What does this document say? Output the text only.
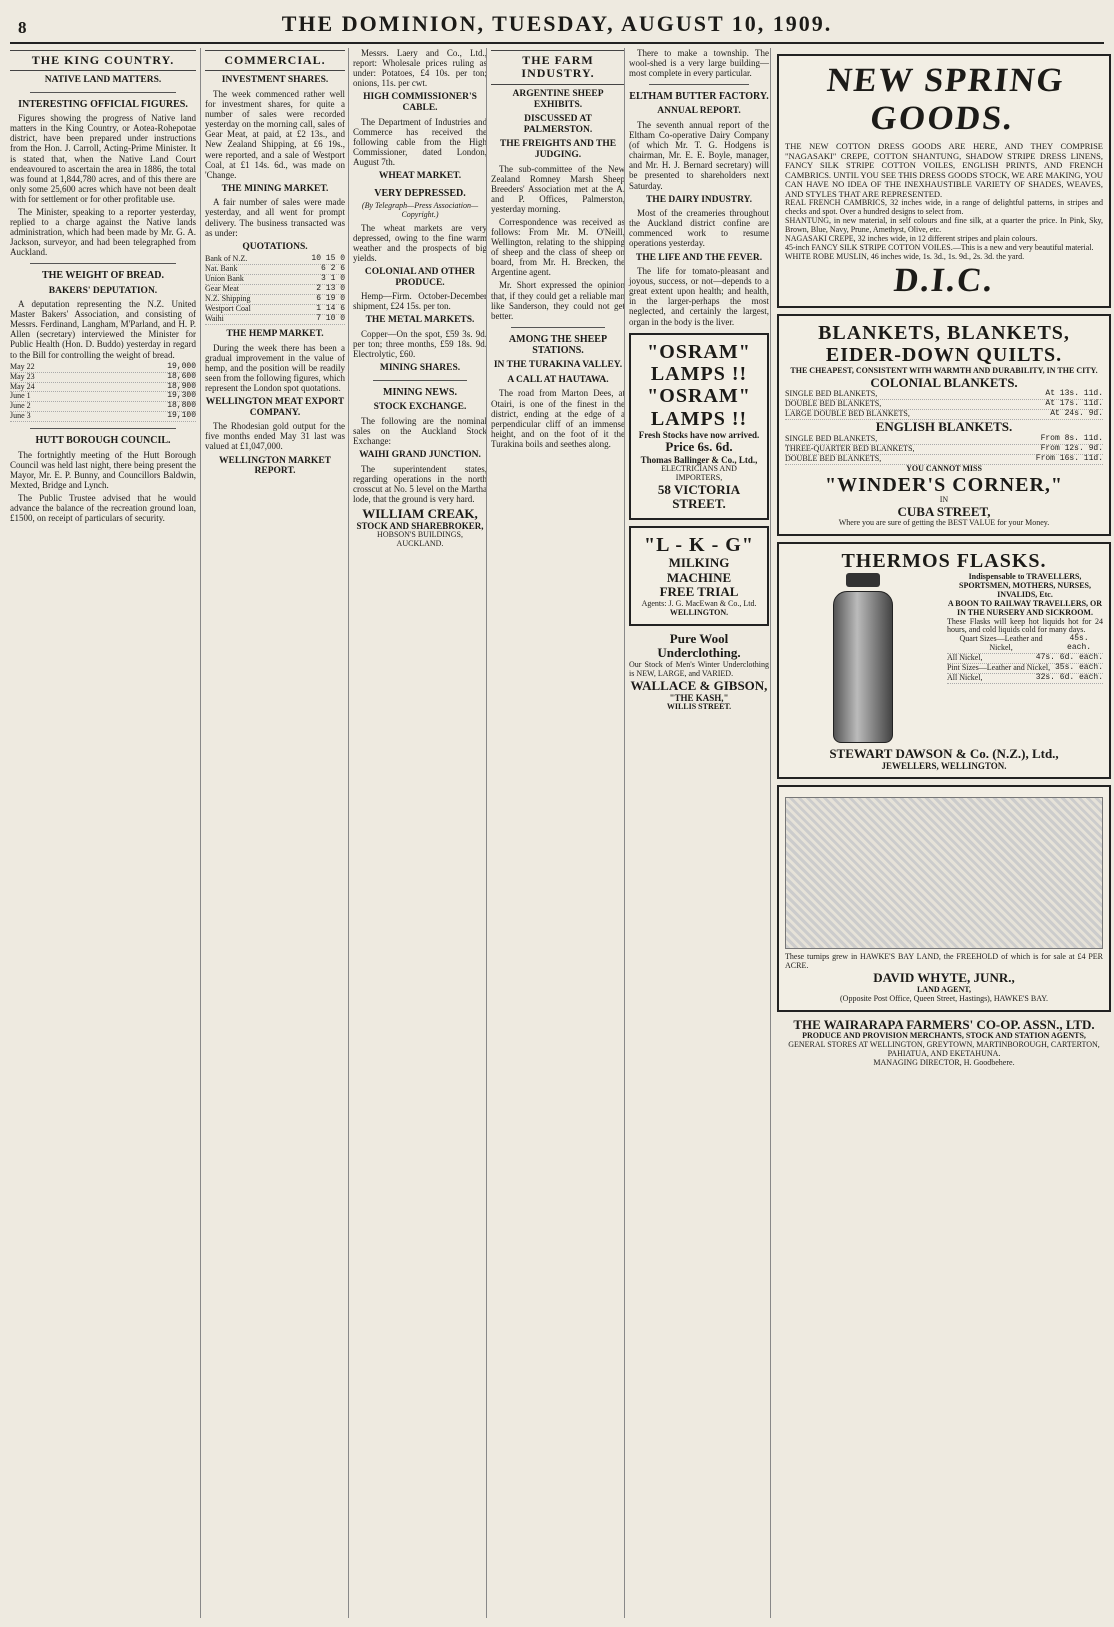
8	THE DOMINION, TUESDAY, AUGUST 10, 1909.
THE KING COUNTRY.
NATIVE LAND MATTERS.
INTERESTING OFFICIAL FIGURES.

Figures showing the progress of Native land matters in the King Country, or Aotea-Rohepotae district, have been prepared under instructions from the Hon. J. Carroll, Acting-Prime Minister. It is stated that, when the Native Land Court endeavoured to ascertain the area in 1886, the total was found at 1,844,780 acres, and of this there are only some 25,600 acres which have not been dealt with for settlement or for other profitable use.

The Minister, speaking to a reporter yesterday, replied to a charge against the Native lands administration, which had been made by Mr. G. A. Jackson, surveyor, and had been telegraphed from Auckland.

THE WEIGHT OF BREAD.
BAKERS' DEPUTATION.

A deputation representing the N.Z. United Master Bakers' Association, and consisting of Messrs. Ferdinand, Langham, M'Parland, and H. P. Allen (secretary) interviewed the Minister for Public Health (Hon. D. Buddo) yesterday in regard to the Bill for controlling the weight of bread.

May 22	19,000
May 23	18,600
May 24	18,900
June 1	19,300
June 2	18,800
June 3	19,100
HUTT BOROUGH COUNCIL.

The fortnightly meeting of the Hutt Borough Council was held last night, there being present the Mayor, Mr. E. P. Bunny, and Councillors Baldwin, Mexted, Bridge and Lynch.

The Public Trustee advised that he would advance the balance of the recreation ground loan, £1500, on receipt of particulars of security.

COMMERCIAL.
INVESTMENT SHARES.

The week commenced rather well for investment shares, for quite a number of sales were recorded yesterday on the morning call, sales of Gear Meat, at paid, at £2 13s., and New Zealand Shipping, at £6 19s., were reported, and a sale of Westport Coal, at £1 14s. 6d., was made on 'Change.

THE MINING MARKET.

A fair number of sales were made yesterday, and all went for prompt delivery. The business transacted was as under:

QUOTATIONS.
Bank of N.Z.	10 15 0
Nat. Bank	6 2 6
Union Bank	3 1 0
Gear Meat	2 13 0
N.Z. Shipping	6 19 0
Westport Coal	1 14 6
Waihi	7 10 0
THE HEMP MARKET.

During the week there has been a gradual improvement in the value of hemp, and the position will be readily seen from the following figures, which represent the London spot quotations.

WELLINGTON MEAT EXPORT COMPANY.

The Rhodesian gold output for the five months ended May 31 last was valued at £1,047,000.

WELLINGTON MARKET REPORT.

Messrs. Laery and Co., Ltd., report: Wholesale prices ruling as under: Potatoes, £4 10s. per ton; onions, 11s. per cwt.

HIGH COMMISSIONER'S CABLE.

The Department of Industries and Commerce has received the following cable from the High Commissioner, dated London, August 7th.

WHEAT MARKET.
VERY DEPRESSED.
(By Telegraph—Press Association—Copyright.)

The wheat markets are very depressed, owing to the fine warm weather and the prospects of big yields.

COLONIAL AND OTHER PRODUCE.

Hemp—Firm. October-December shipment, £24 15s. per ton.

THE METAL MARKETS.

Copper—On the spot, £59 3s. 9d. per ton; three months, £59 18s. 9d. Electrolytic, £60.

MINING SHARES.
MINING NEWS.
STOCK EXCHANGE.

The following are the nominal sales on the Auckland Stock Exchange:

WAIHI GRAND JUNCTION.

The superintendent states, regarding operations in the north crosscut at No. 5 level on the Martha lode, that the ground is very hard.

WILLIAM CREAK,
STOCK AND SHAREBROKER,
HOBSON'S BUILDINGS, AUCKLAND.
THE FARM INDUSTRY.
ARGENTINE SHEEP EXHIBITS.
DISCUSSED AT PALMERSTON.
THE FREIGHTS AND THE JUDGING.

The sub-committee of the New Zealand Romney Marsh Sheep Breeders' Association met at the A. and P. Offices, Palmerston, yesterday morning.

Correspondence was received as follows: From Mr. M. O'Neill, Wellington, relating to the shipping of sheep and the class of sheep on board, from Mr. H. Brecken, the Argentine agent.

Mr. Short expressed the opinion that, if they could get a reliable man like Sanderson, they could not get better.

AMONG THE SHEEP STATIONS.
IN THE TURAKINA VALLEY.
A CALL AT HAUTAWA.

The road from Marton Dees, at Otairi, is one of the finest in the district, ending at the edge of a perpendicular cliff of an immense height, and on the foot of it the Turakina boils and seethes along.

There to make a township. The wool-shed is a very large building—most complete in every particular.

ELTHAM BUTTER FACTORY.
ANNUAL REPORT.

The seventh annual report of the Eltham Co-operative Dairy Company (of which Mr. T. G. Hodgens is chairman, Mr. E. E. Boyle, manager, and Mr. H. J. Bernard secretary) will be presented to shareholders next Saturday.

THE DAIRY INDUSTRY.

Most of the creameries throughout the Auckland district confine are commenced work to resume operations yesterday.

THE LIFE AND THE FEVER.

The life for tomato-pleasant and joyous, success, or not—depends to a great extent upon health; and health, in the larger-perhaps the most neglected, and certainly the largest, organ in the body is the liver.

"OSRAM" LAMPS !!
"OSRAM" LAMPS !!
Fresh Stocks have now arrived.
Price 6s. 6d.
Thomas Ballinger & Co., Ltd.,
ELECTRICIANS AND IMPORTERS,
58 VICTORIA STREET.
"L - K - G"
MILKING MACHINE
FREE TRIAL
Agents: J. G. MacEwan & Co., Ltd.
WELLINGTON.
Pure Wool Underclothing.
Our Stock of Men's Winter Underclothing is NEW, LARGE, and VARIED.
WALLACE & GIBSON,
"THE KASH,"
WILLIS STREET.
NEW SPRING GOODS.
THE NEW COTTON DRESS GOODS ARE HERE, AND THEY COMPRISE "NAGASAKI" CREPE, COTTON SHANTUNG, SHADOW STRIPE DRESS LINENS, FANCY SILK STRIPE COTTON VOILES, ENGLISH PRINTS, AND FRENCH CAMBRICS. UNTIL YOU SEE THIS DRESS GOODS STOCK, WE ARE MAKING, YOU CAN HAVE NO IDEA OF THE INEXHAUSTIBLE VARIETY OF SHADES, WEAVES, AND STYLES THAT ARE REPRESENTED.
REAL FRENCH CAMBRICS, 32 inches wide, in a range of delightful patterns, in stripes and checks and spot. Over a hundred designs to select from.
SHANTUNG, in new material, in self colours and fine silk, at a quarter the price. In Pink, Sky, Brown, Blue, Navy, Prune, Amethyst, Olive, etc.
NAGASAKI CREPE, 32 inches wide, in 12 different stripes and plain colours.
45-inch FANCY SILK STRIPE COTTON VOILES.—This is a new and very beautiful material.
WHITE ROBE MUSLIN, 46 inches wide, 1s. 3d., 1s. 9d., 2s. 3d. the yard.
D.I.C.
BLANKETS, BLANKETS,
EIDER-DOWN QUILTS.
THE CHEAPEST, CONSISTENT WITH WARMTH AND DURABILITY, IN THE CITY.
COLONIAL BLANKETS.
SINGLE BED BLANKETS,	At 13s. 11d.
DOUBLE BED BLANKETS,	At 17s. 11d.
LARGE DOUBLE BED BLANKETS,	At 24s. 9d.
ENGLISH BLANKETS.
SINGLE BED BLANKETS,	From 8s. 11d.
THREE-QUARTER BED BLANKETS,	From 12s. 9d.
DOUBLE BED BLANKETS,	From 16s. 11d.
YOU CANNOT MISS
"WINDER'S CORNER,"
IN
CUBA STREET,
Where you are sure of getting the BEST VALUE for your Money.
THERMOS FLASKS.
Indispensable to TRAVELLERS, SPORTSMEN, MOTHERS, NURSES, INVALIDS, Etc.
A BOON TO RAILWAY TRAVELLERS, OR IN THE NURSERY AND SICKROOM.
These Flasks will keep hot liquids hot for 24 hours, and cold liquids cold for many days.
Quart Sizes—Leather and Nickel,
45s. each.
All Nickel,	47s. 6d. each.
Pint Sizes—Leather and Nickel, 35s. each.
All Nickel,	32s. 6d. each.
STEWART DAWSON & Co. (N.Z.), Ltd.,
JEWELLERS, WELLINGTON.
These turnips grew in HAWKE'S BAY LAND, the FREEHOLD of which is for sale at £4 PER ACRE.
DAVID WHYTE, JUNR.,
LAND AGENT,
(Opposite Post Office, Queen Street, Hastings), HAWKE'S BAY.
THE WAIRARAPA FARMERS' CO-OP. ASSN., LTD.
PRODUCE AND PROVISION MERCHANTS, STOCK AND STATION AGENTS,
GENERAL STORES AT WELLINGTON, GREYTOWN, MARTINBOROUGH, CARTERTON, PAHIATUA, AND EKETAHUNA.
MANAGING DIRECTOR, H. Goodbehere.
